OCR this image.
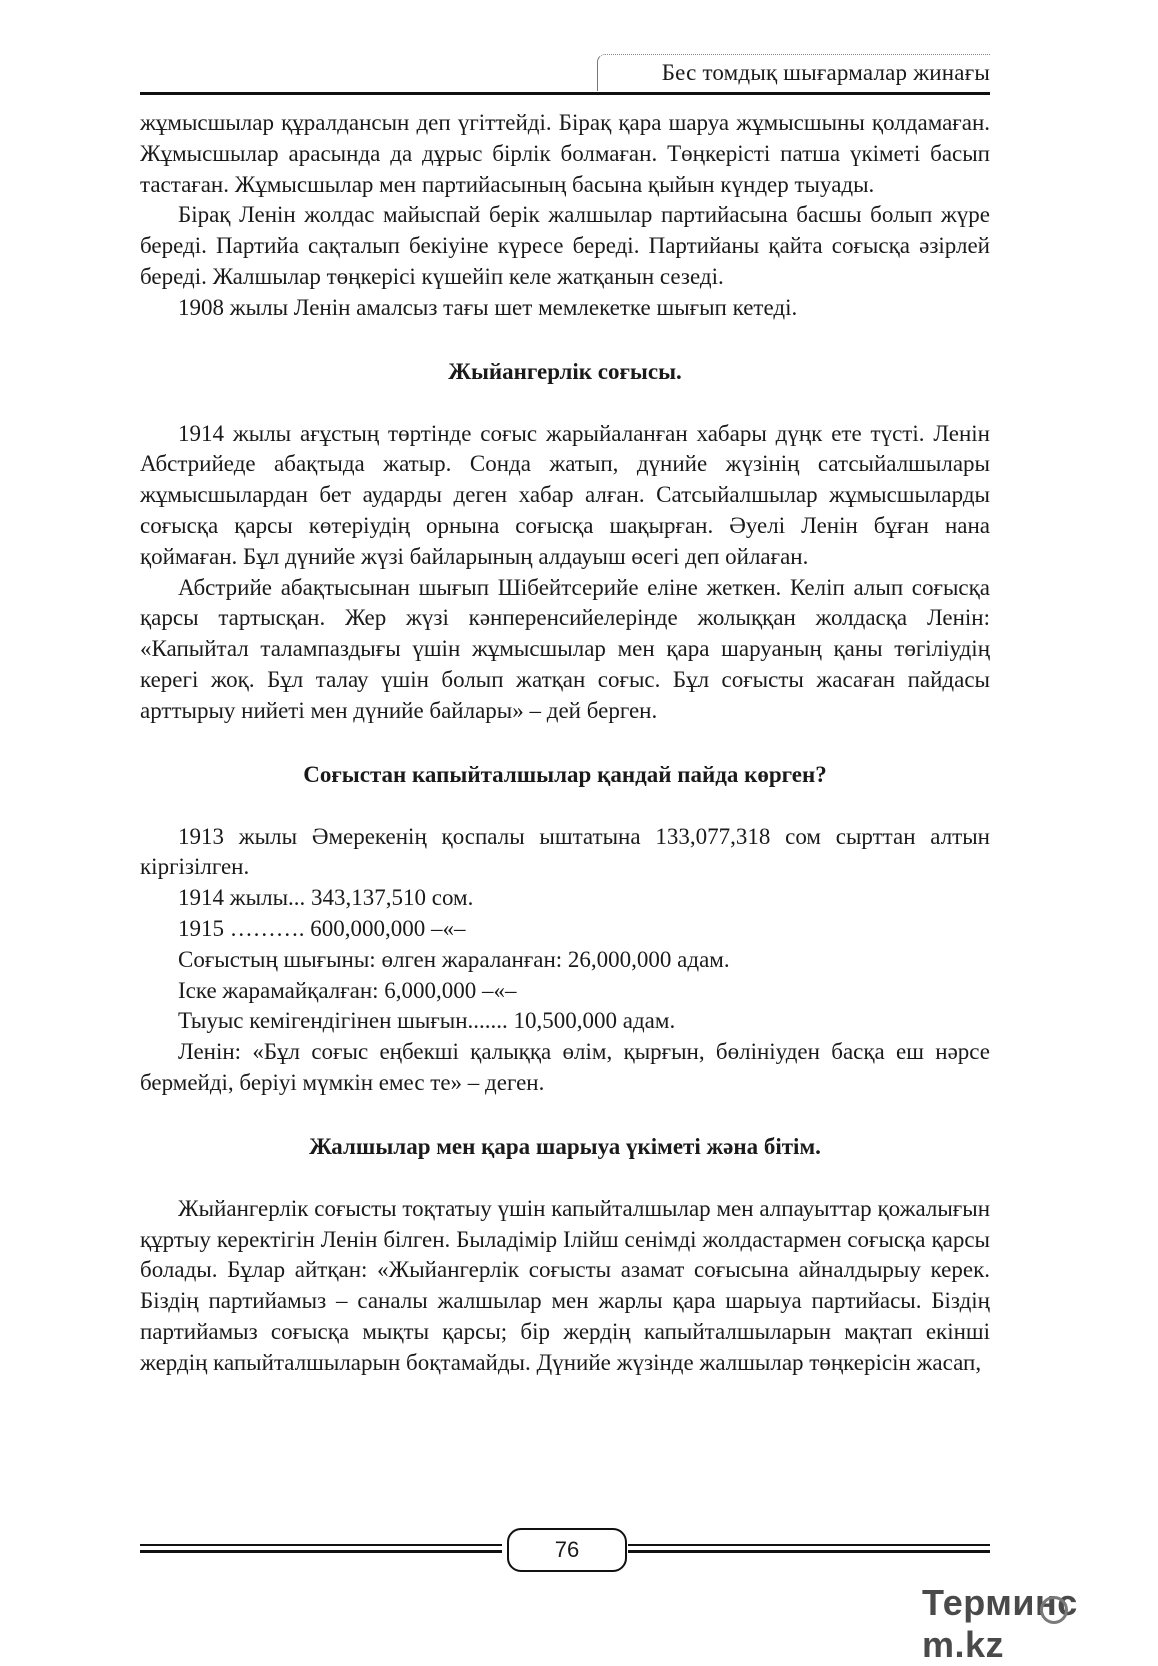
Бес томдық шығармалар жинағы

жұмысшылар құралдансын деп үгіттейді. Бірақ қара шаруа жұмысшыны қолдамаған. Жұмысшылар арасында да дұрыс бірлік болмаған. Төңкерісті патша үкіметі басып тастаған. Жұмысшылар мен партийасының басына қыйын күндер тыуады.

Бірақ Ленін жолдас майыспай берік жалшылар партийасына басшы болып жүре береді. Партийа сақталып бекіуіне күресе береді. Партийаны қайта соғысқа әзірлей береді. Жалшылар төңкерісі күшейіп келе жатқанын сезеді.

1908 жылы Ленін амалсыз тағы шет мемлекетке шығып кетеді.

Жыйангерлік соғысы.

1914 жылы ағұстың төртінде соғыс жарыйаланған хабары дүңк ете түсті. Ленін Абстрийеде абақтыда жатыр. Сонда жатып, дүнийе жүзінің сатсыйалшылары жұмысшылардан бет аударды деген хабар алған. Сатсыйалшылар жұмысшыларды соғысқа қарсы көтеріудің орнына соғысқа шақырған. Әуелі Ленін бұған нана қоймаған. Бұл дүнийе жүзі байларының алдауыш өсегі деп ойлаған.

Абстрийе абақтысынан шығып Шібейтсерийе еліне жеткен. Келіп алып соғысқа қарсы тартысқан. Жер жүзі кәнперенсийелерінде жолыққан жолдасқа Ленін: «Капыйтал талампаздығы үшін жұмысшылар мен қара шаруаның қаны төгіліудің керегі жоқ. Бұл талау үшін болып жатқан соғыс. Бұл соғысты жасаған пайдасы арттырыу нийеті мен дүнийе байлары» – дей берген.

Соғыстан капыйталшылар қандай пайда көрген?

1913 жылы Әмерекенің қоспалы ыштатына 133,077,318 сом сырттан алтын кіргізілген.

1914 жылы... 343,137,510 сом.

1915 ………. 600,000,000 –«–

Соғыстың шығыны: өлген жараланған: 26,000,000 адам.

Іске жарамайқалған: 6,000,000 –«–

Тыуыс кемігендігінен шығын....... 10,500,000 адам.

Ленін: «Бұл соғыс еңбекші қалыққа өлім, қырғын, бөлініуден басқа еш нәрсе бермейді, беріуі мүмкін емес те» – деген.

Жалшылар мен қара шарыуа үкіметі жәна бітім.

Жыйангерлік соғысты тоқтатыу үшін капыйталшылар мен алпауыттар қожалығын құртыу керектігін Ленін білген. Быладімір Ілійш сенімді жолдастармен соғысқа қарсы болады. Бұлар айтқан: «Жыйангерлік соғысты азамат соғысына айналдырыу керек. Біздің партийамыз – саналы жалшылар мен жарлы қара шарыуа партийасы. Біздің партийамыз соғысқа мықты қарсы; бір жердің капыйталшыларын мақтап екінші жердің капыйталшыларын боқтамайды. Дүнийе жүзінде жалшылар төңкерісін жасап,

76
Терминсm.kz
